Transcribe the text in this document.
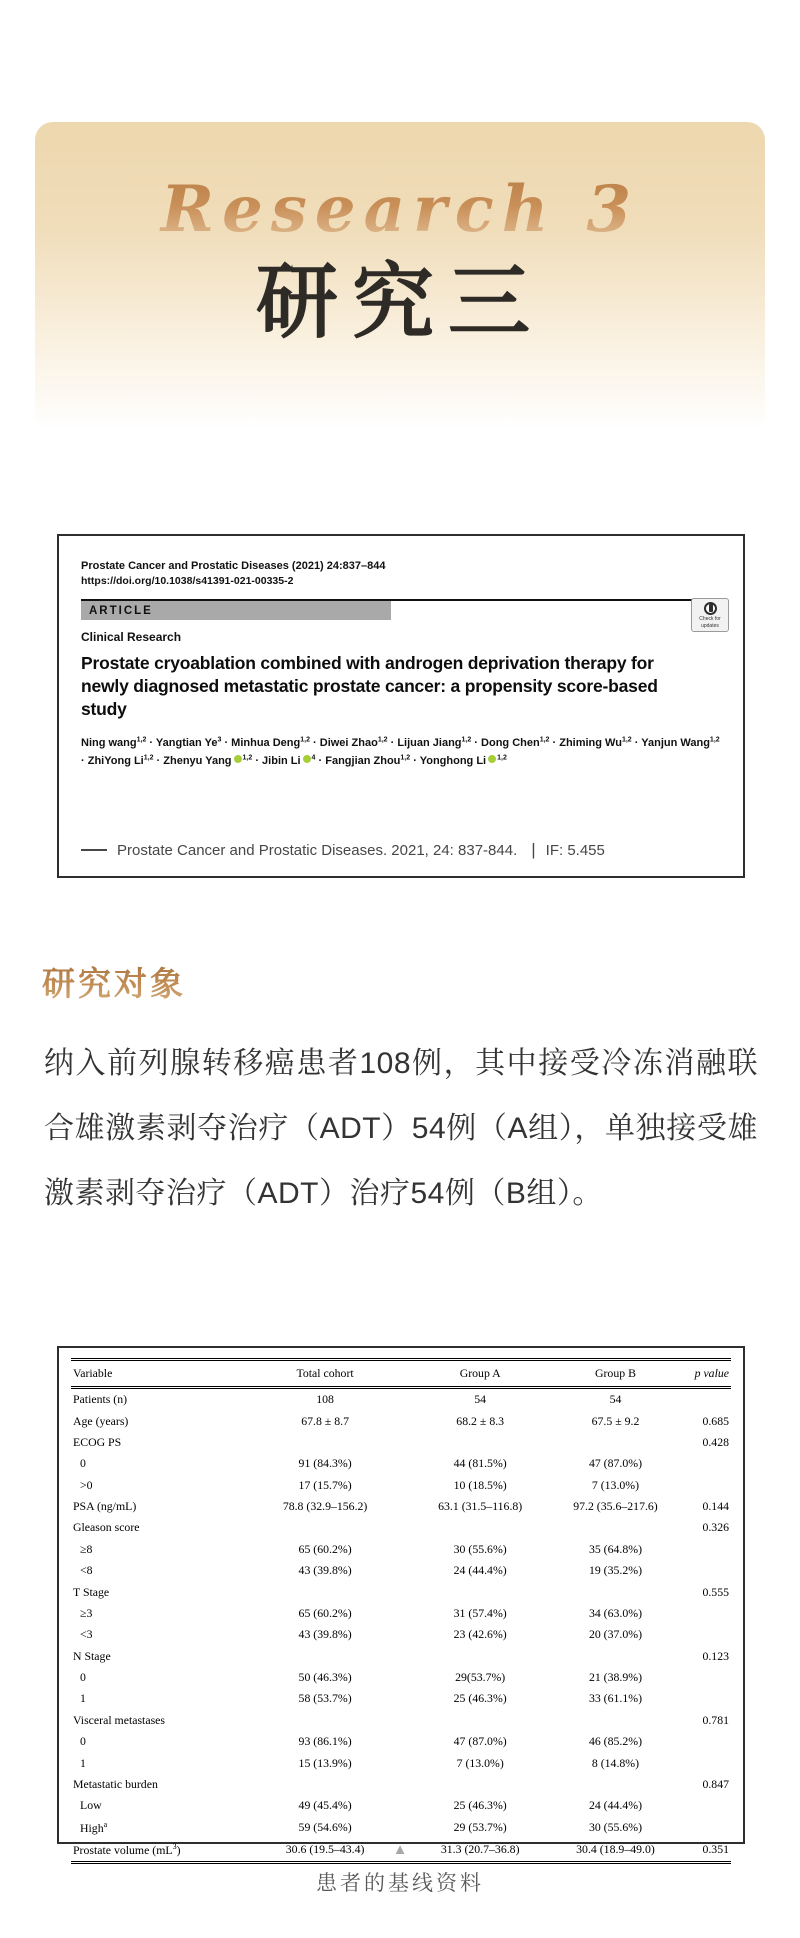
Research 3
研究三
Prostate Cancer and Prostatic Diseases (2021) 24:837–844
https://doi.org/10.1038/s41391-021-00335-2
ARTICLE
Check for
updates
Clinical Research
Prostate cryoablation combined with androgen deprivation therapy for newly diagnosed metastatic prostate cancer: a propensity score-based study
Ning wang$^{1,2}$ · Yangtian $Ye^3$ · Minhua Deng$^{1,2}$ · Diwei Zhao$^{1,2}$ · Lijuan Jiang$^{1,2}$ · Dong Chen$^{1,2}$ · Zhiming Wu$^{1,2}$ · Yanjun Wang$^{1,2}$ · ZhiYong Li$^{1,2}$ · Zhenyu Yang $^{1,2}$ · Jibin Li $^4$ · Fangjian Zhou$^{1,2}$ · Yonghong Li $^{1,2}$
Prostate Cancer and Prostatic Diseases. 2021, 24: 837-844. | IF: 5.455
研究对象
纳入前列腺转移癌患者108例，其中接受冷冻消融联合雄激素剥夺治疗（ADT）54例（A组），单独接受雄激素剥夺治疗（ADT）治疗54例（B组）。
Variable	Total cohort	Group A	Group B	p value
Patients (n)	108	54	54	
Age (years)	67.8 ± 8.7	68.2 ± 8.3	67.5 ± 9.2	0.685
ECOG PS				0.428
0	91 (84.3%)	44 (81.5%)	47 (87.0%)	
>0	17 (15.7%)	10 (18.5%)	7 (13.0%)	
PSA (ng/mL)	78.8 (32.9–156.2)	63.1 (31.5–116.8)	97.2 (35.6–217.6)	0.144
Gleason score				0.326
≥8	65 (60.2%)	30 (55.6%)	35 (64.8%)	
<8	43 (39.8%)	24 (44.4%)	19 (35.2%)	
T Stage				0.555
≥3	65 (60.2%)	31 (57.4%)	34 (63.0%)	
<3	43 (39.8%)	23 (42.6%)	20 (37.0%)	
N Stage				0.123
0	50 (46.3%)	29(53.7%)	21 (38.9%)	
1	58 (53.7%)	25 (46.3%)	33 (61.1%)	
Visceral metastases				0.781
0	93 (86.1%)	47 (87.0%)	46 (85.2%)	
1	15 (13.9%)	7 (13.0%)	8 (14.8%)	
Metastatic burden				0.847
Low	49 (45.4%)	25 (46.3%)	24 (44.4%)	
High$^a$	59 (54.6%)	29 (53.7%)	30 (55.6%)	
Prostate volume $(mL^3)$	30.6 (19.5–43.4)	31.3 (20.7–36.8)	30.4 (18.9–49.0)	0.351
▲
患者的基线资料
